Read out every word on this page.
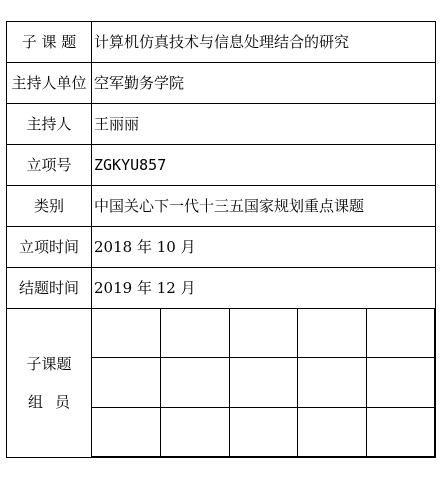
子 课 题	计算机仿真技术与信息处理结合的研究
主持人单位	空军勤务学院
主持人	王丽丽
立项号	ZGKYU857
类别	中国关心下一代十三五国家规划重点课题
立项时间	2018 年 10 月
结题时间	2019 年 12 月

子课题
组员
